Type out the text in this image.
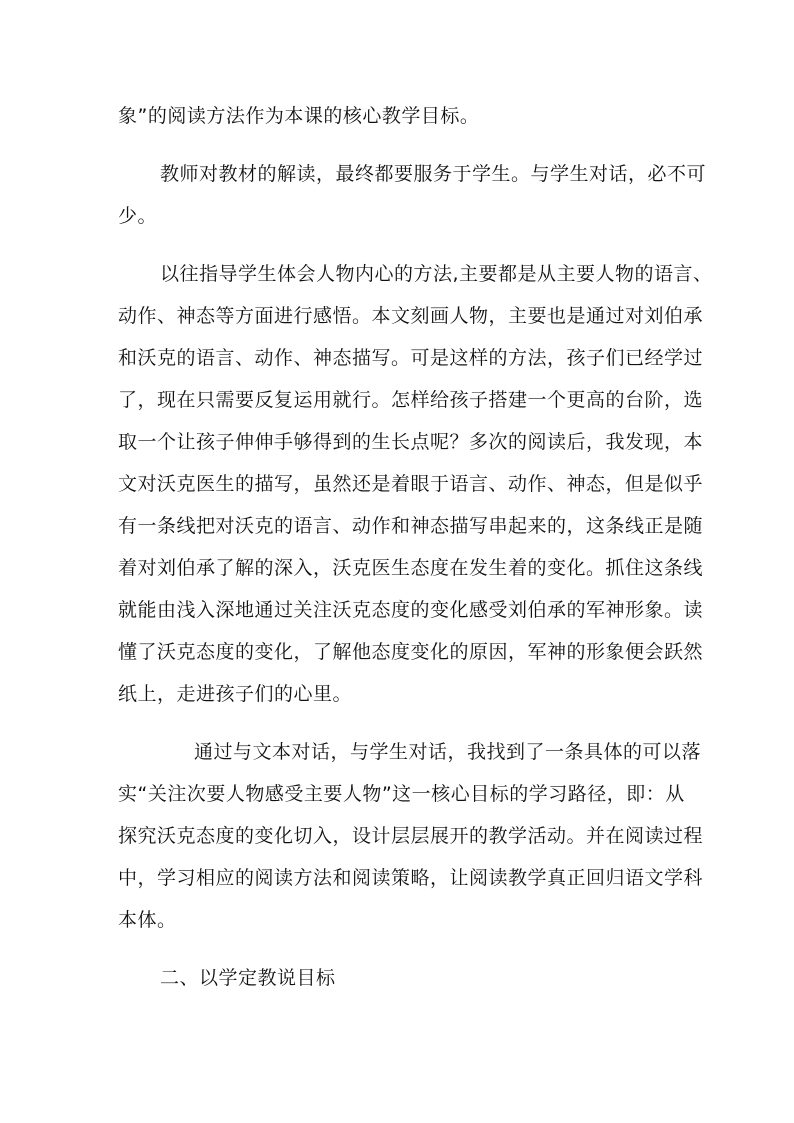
象”的阅读方法作为本课的核心教学目标。
教师对教材的解读，最终都要服务于学生。与学生对话，必不可
少。
以往指导学生体会人物内心的方法,主要都是从主要人物的语言、
动作、神态等方面进行感悟。本文刻画人物，主要也是通过对刘伯承
和沃克的语言、动作、神态描写。可是这样的方法，孩子们已经学过
了，现在只需要反复运用就行。怎样给孩子搭建一个更高的台阶，选
取一个让孩子伸伸手够得到的生长点呢？多次的阅读后，我发现，本
文对沃克医生的描写，虽然还是着眼于语言、动作、神态，但是似乎
有一条线把对沃克的语言、动作和神态描写串起来的，这条线正是随
着对刘伯承了解的深入，沃克医生态度在发生着的变化。抓住这条线
就能由浅入深地通过关注沃克态度的变化感受刘伯承的军神形象。读
懂了沃克态度的变化，了解他态度变化的原因，军神的形象便会跃然
纸上，走进孩子们的心里。
通过与文本对话，与学生对话，我找到了一条具体的可以落
实“关注次要人物感受主要人物”这一核心目标的学习路径，即：从
探究沃克态度的变化切入，设计层层展开的教学活动。并在阅读过程
中，学习相应的阅读方法和阅读策略，让阅读教学真正回归语文学科
本体。
二、以学定教说目标
